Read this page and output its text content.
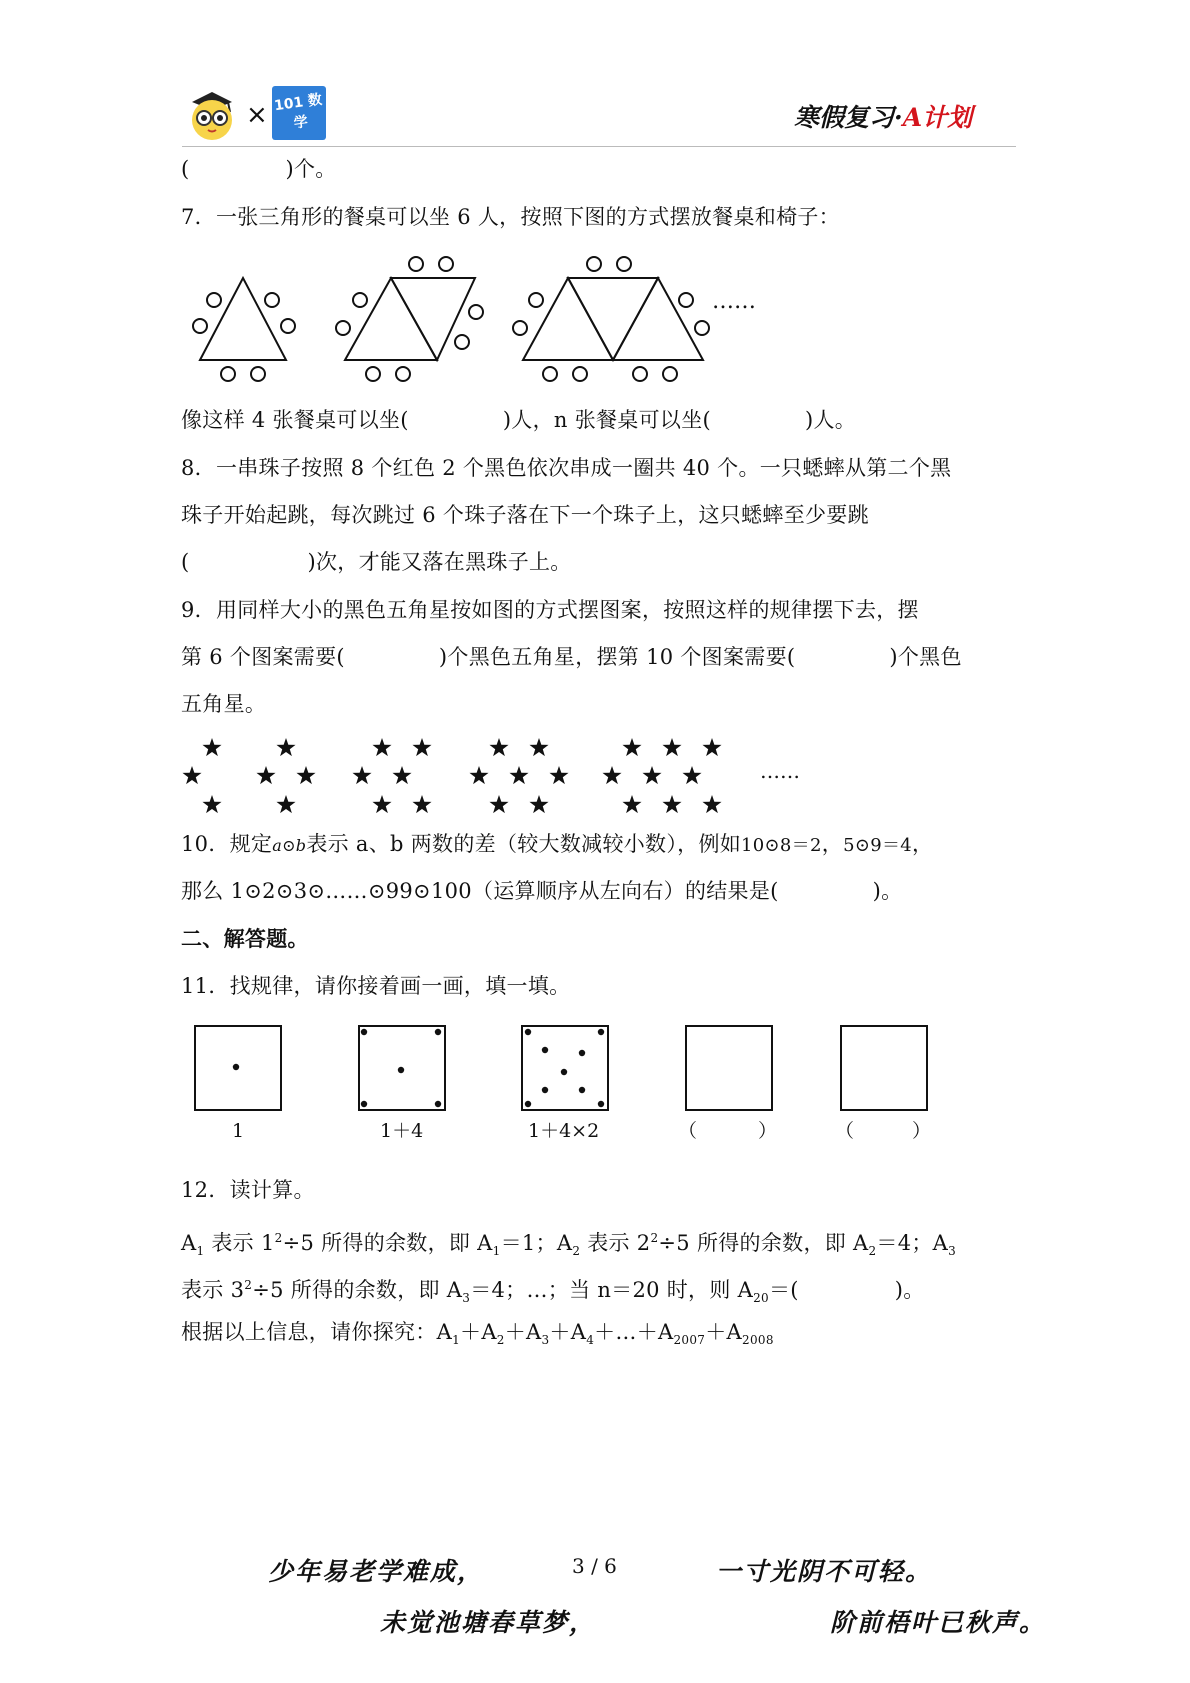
× 101 数学	寒假复习·A计划
(	)个。
7．一张三角形的餐桌可以坐 6 人，按照下图的方式摆放餐桌和椅子：
……
像这样 4 张餐桌可以坐(	)人，n 张餐桌可以坐(	)人。
8．一串珠子按照 8 个红色 2 个黑色依次串成一圈共 40 个。一只蟋蟀从第二个黑
珠子开始起跳，每次跳过 6 个珠子落在下一个珠子上，这只蟋蟀至少要跳
(	)次，才能又落在黑珠子上。
9．用同样大小的黑色五角星按如图的方式摆图案，按照这样的规律摆下去，摆
第 6 个图案需要(	)个黑色五角星，摆第 10 个图案需要(	)个黑色
五角星。
……
10．规定a⊙b表示 a、b 两数的差（较大数减较小数），例如10⊙8＝2，5⊙9＝4，
那么 1⊙2⊙3⊙……⊙99⊙100（运算顺序从左向右）的结果是(	)。
二、解答题。
11．找规律，请你接着画一画，填一填。
1	1＋4	1＋4×2	（	）	（	）
12．读计算。
$A_1$ 表示 $1^2\div 5$ 所得的余数，即 $A_1=1$；$A_2$ 表示 $2^2\div 5$ 所得的余数，即 $A_2=4$；$A_3$
表示 $3^2\div 5$ 所得的余数，即 $A_3=4$；…；当 n＝20 时，则 $A_{20}=$(	)。
根据以上信息，请你探究：$A_1+A_2+A_3+A_4+\dots+A_{2007}+A_{2008}$
少年易老学难成，	3 / 6	一寸光阴不可轻。
未觉池塘春草梦，	阶前梧叶已秋声。
